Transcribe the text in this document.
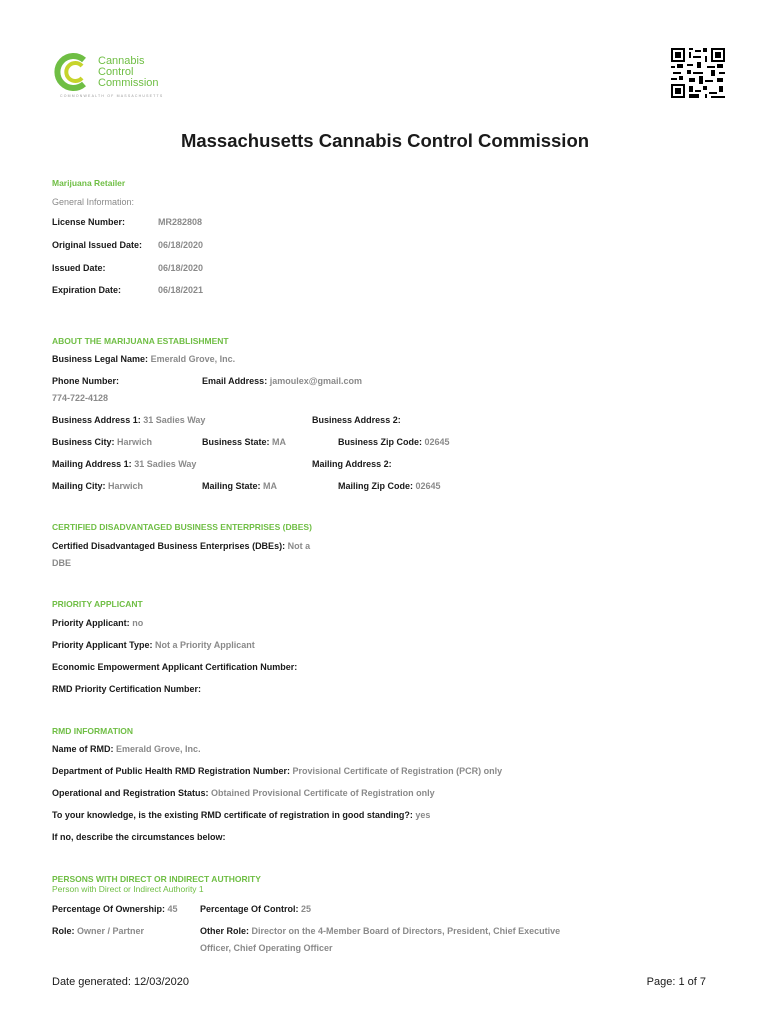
Cannabis
Control
Commission
COMMONWEALTH OF MASSACHUSETTS
Massachusetts Cannabis Control Commission
Marijuana Retailer
General Information:
License Number:	MR282808
Original Issued Date: 06/18/2020
Issued Date:	06/18/2020
Expiration Date:	06/18/2021
ABOUT THE MARIJUANA ESTABLISHMENT
Business Legal Name: Emerald Grove, Inc.
Phone Number:	Email Address: jamoulex@gmail.com
774-722-4128
Business Address 1: 31 Sadies Way	Business Address 2:
Business City: Harwich	Business State: MA	Business Zip Code: 02645
Mailing Address 1: 31 Sadies Way	Mailing Address 2:
Mailing City: Harwich	Mailing State: MA	Mailing Zip Code: 02645
CERTIFIED DISADVANTAGED BUSINESS ENTERPRISES (DBES)
Certified Disadvantaged Business Enterprises (DBEs): Not a
DBE
PRIORITY APPLICANT
Priority Applicant: no
Priority Applicant Type: Not a Priority Applicant
Economic Empowerment Applicant Certification Number:
RMD Priority Certification Number:
RMD INFORMATION
Name of RMD: Emerald Grove, Inc.
Department of Public Health RMD Registration Number: Provisional Certificate of Registration (PCR) only
Operational and Registration Status: Obtained Provisional Certificate of Registration only
To your knowledge, is the existing RMD certificate of registration in good standing?: yes
If no, describe the circumstances below:
PERSONS WITH DIRECT OR INDIRECT AUTHORITY
Person with Direct or Indirect Authority 1
Percentage Of Ownership: 45 Percentage Of Control: 25
Role: Owner / Partner	Other Role: Director on the 4-Member Board of Directors, President, Chief Executive
Officer, Chief Operating Officer
Date generated: 12/03/2020	Page: 1 of 7
